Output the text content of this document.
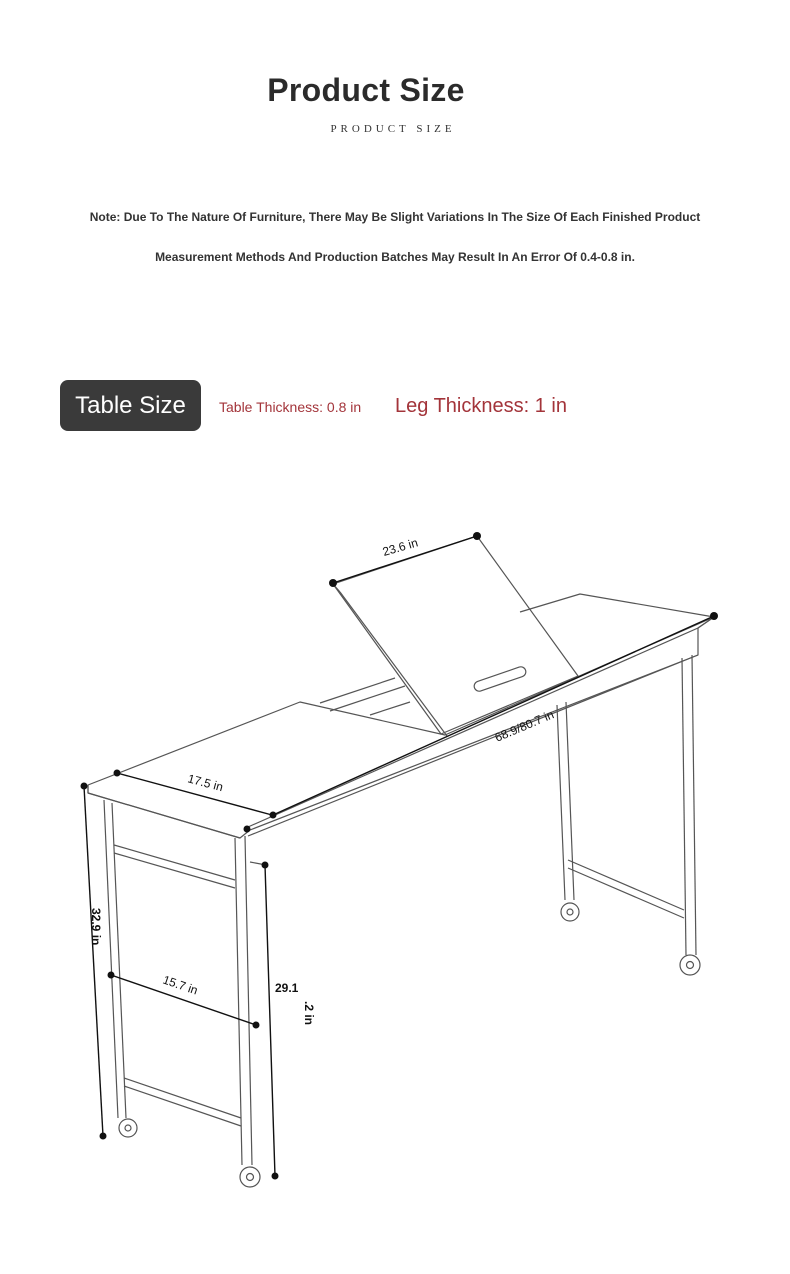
Product Size
PRODUCT SIZE
Note: Due To The Nature Of Furniture, There May Be Slight Variations In The Size Of Each Finished Product
Measurement Methods And Production Batches May Result In An Error Of 0.4-0.8 in.
Table Size	Table Thickness: 0.8 in Leg Thickness: 1 in
23.6 in
68.9/80.7 in
17.5 in
32.9 in
15.7 in	29.1
.2 in
